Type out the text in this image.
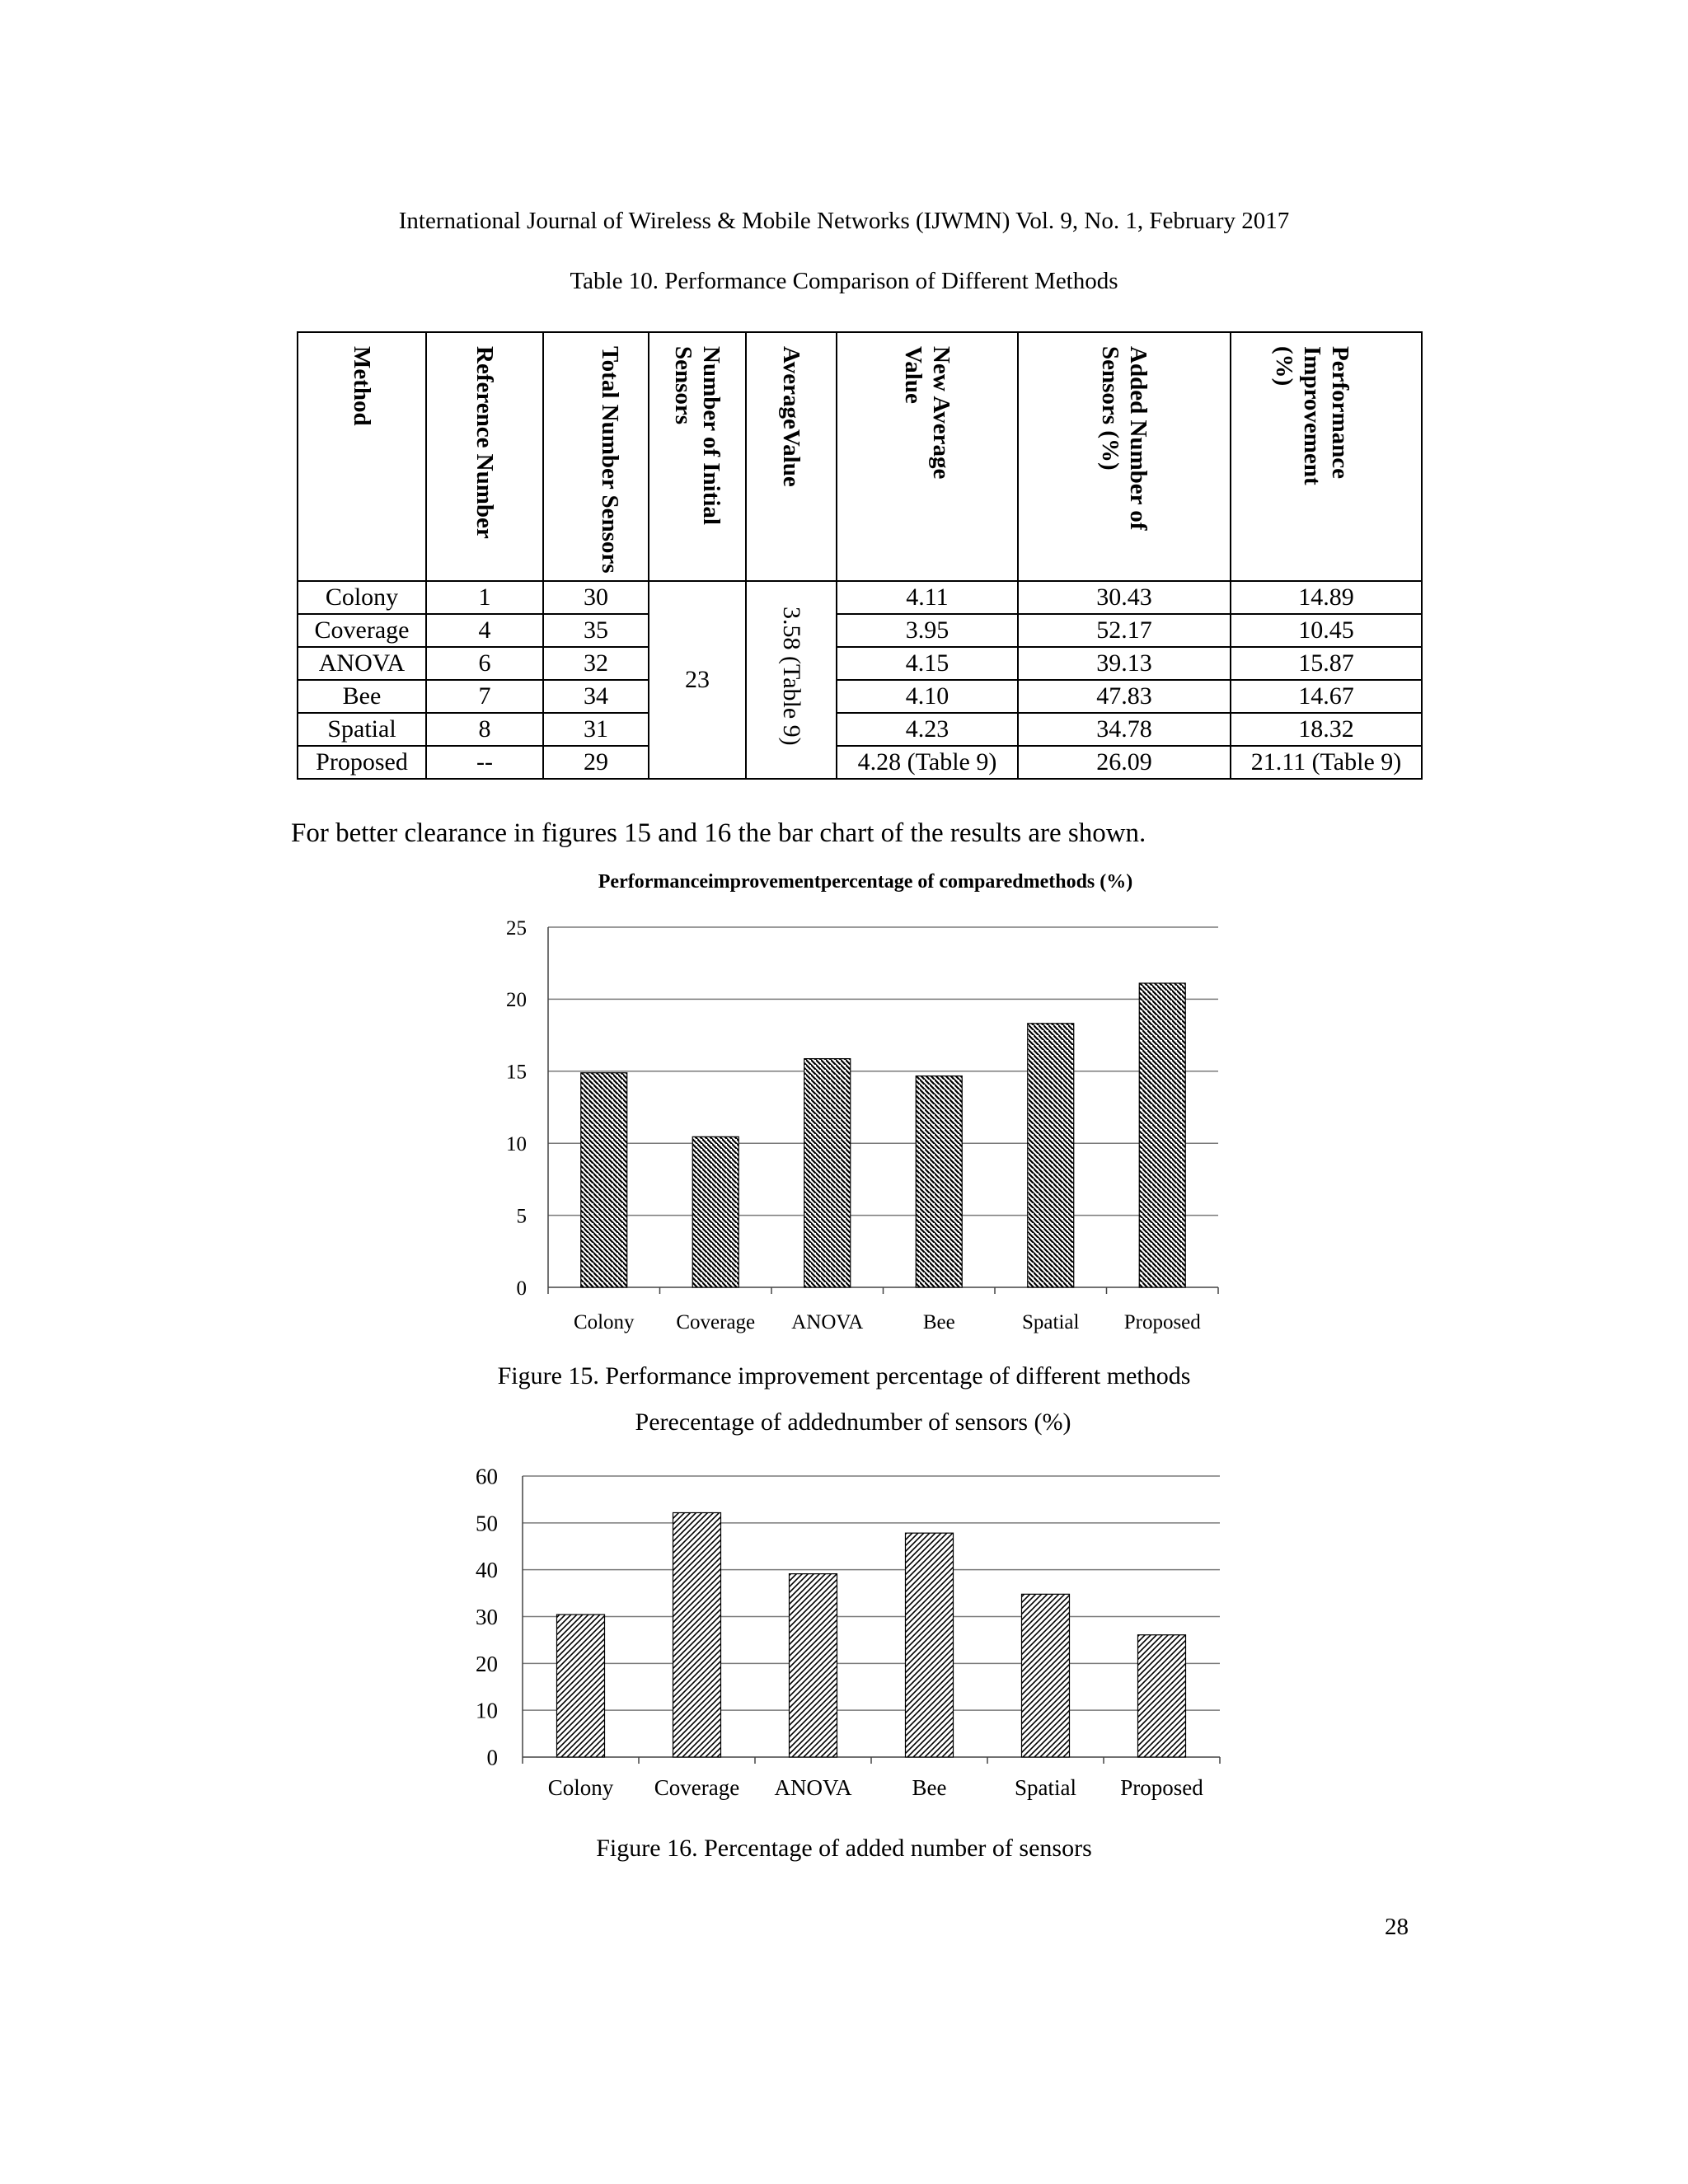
International Journal of Wireless & Mobile Networks (IJWMN) Vol. 9, No. 1, February 2017
Table 10. Performance Comparison of Different Methods
Method	Reference Number	Total Number Sensors	Number of Initial Sensors	AverageValue	New Average Value	Added Number of Sensors (%)	Performance Improvement (%)
Colony	1	30	23	3.58 (Table 9)	4.11	30.43	14.89
Coverage	4	35			3.95	52.17	10.45
ANOVA	6	32			4.15	39.13	15.87
Bee	7	34			4.10	47.83	14.67
Spatial	8	31			4.23	34.78	18.32
Proposed	--	29			4.28 (Table 9)	26.09	21.11 (Table 9)
For better clearance in figures 15 and 16 the bar chart of the results are shown.
Performanceimprovementpercentage of comparedmethods (%)
0
5
10
15
20
25
Colony Coverage ANOVA	Bee	Spatial Proposed
Figure 15. Performance improvement percentage of different methods
Perecentage of addednumber of sensors (%)
0
10
20
30
40
50
60
Colony Coverage ANOVA	Bee	Spatial Proposed
Figure 16. Percentage of added number of sensors
28
